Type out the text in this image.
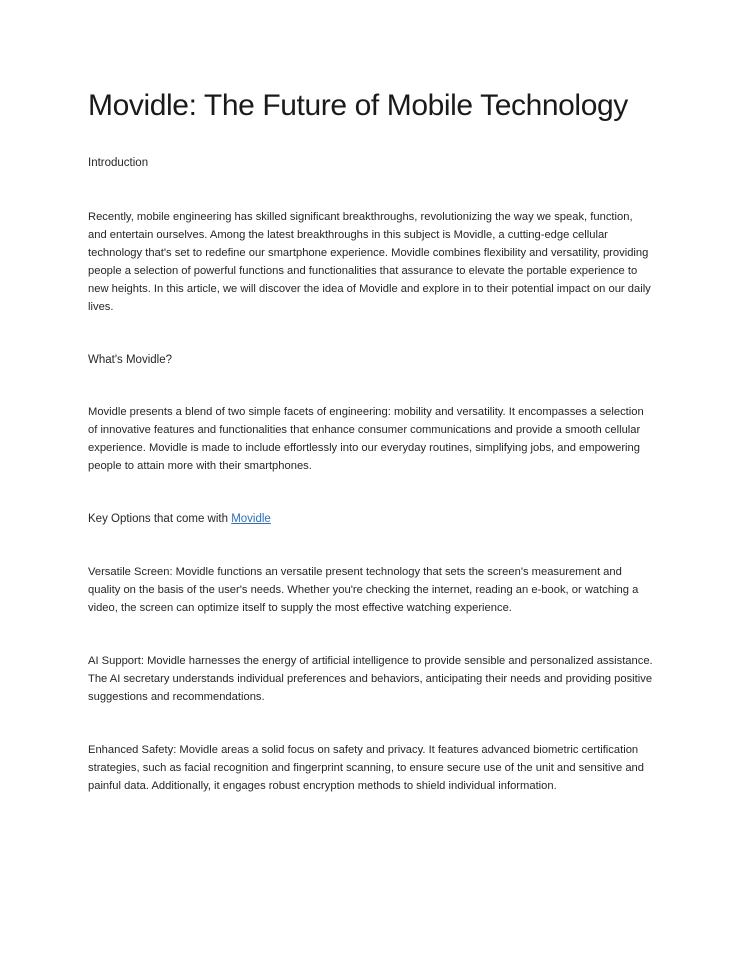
Movidle: The Future of Mobile Technology

Introduction

Recently, mobile engineering has skilled significant breakthroughs, revolutionizing the way we speak, function, and entertain ourselves. Among the latest breakthroughs in this subject is Movidle, a cutting-edge cellular technology that's set to redefine our smartphone experience. Movidle combines flexibility and versatility, providing people a selection of powerful functions and functionalities that assurance to elevate the portable experience to new heights. In this article, we will discover the idea of Movidle and explore in to their potential impact on our daily lives.

What's Movidle?

Movidle presents a blend of two simple facets of engineering: mobility and versatility. It encompasses a selection of innovative features and functionalities that enhance consumer communications and provide a smooth cellular experience. Movidle is made to include effortlessly into our everyday routines, simplifying jobs, and empowering people to attain more with their smartphones.

Key Options that come with Movidle

Versatile Screen: Movidle functions an versatile present technology that sets the screen's measurement and quality on the basis of the user's needs. Whether you're checking the internet, reading an e-book, or watching a video, the screen can optimize itself to supply the most effective watching experience.

AI Support: Movidle harnesses the energy of artificial intelligence to provide sensible and personalized assistance. The AI secretary understands individual preferences and behaviors, anticipating their needs and providing positive suggestions and recommendations.

Enhanced Safety: Movidle areas a solid focus on safety and privacy. It features advanced biometric certification strategies, such as facial recognition and fingerprint scanning, to ensure secure use of the unit and sensitive and painful data. Additionally, it engages robust encryption methods to shield individual information.
